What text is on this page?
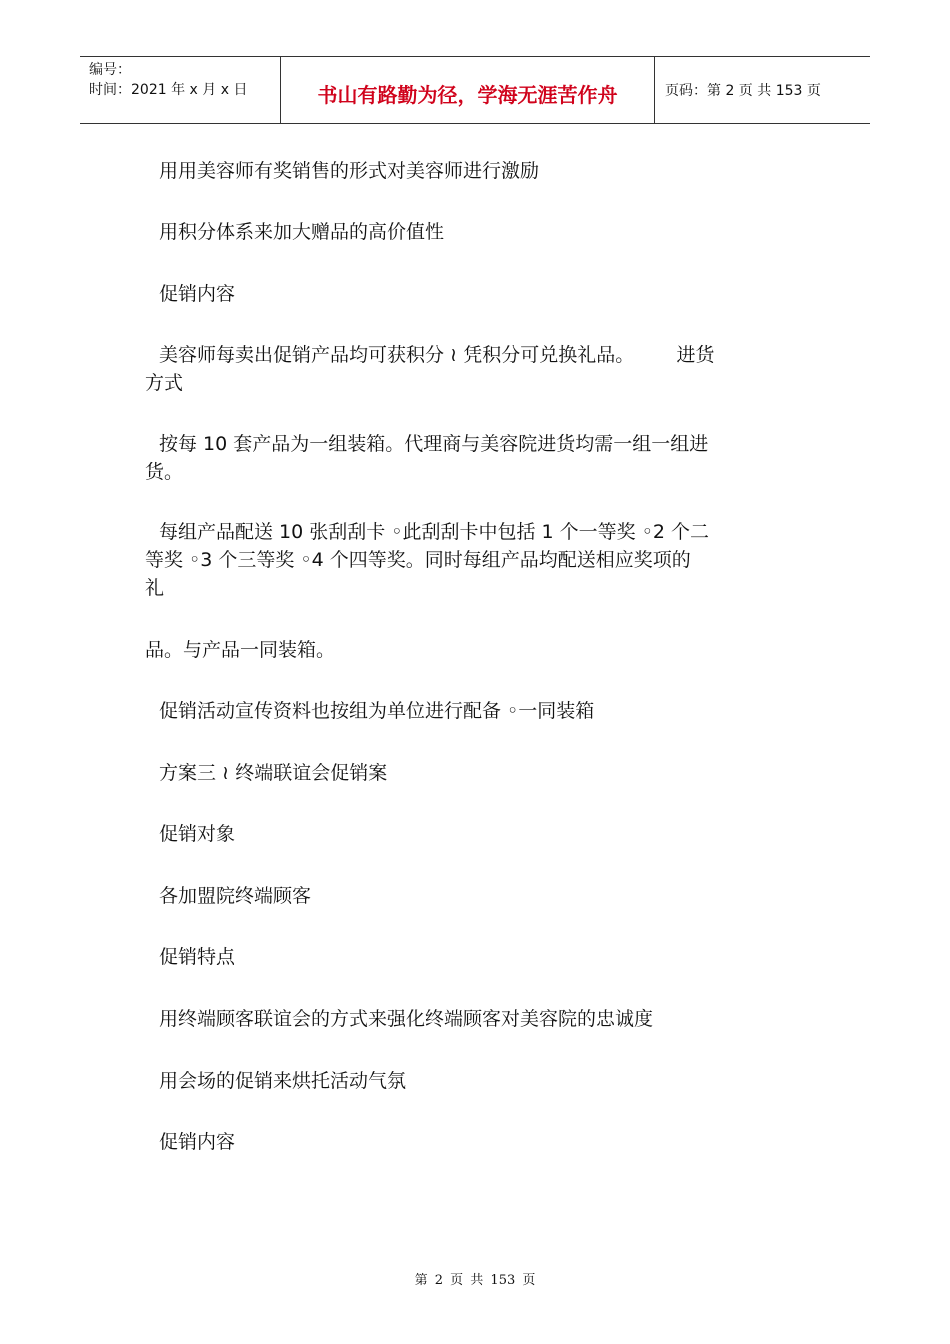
编号：
时间：2021 年 x 月 x 日	书山有路勤为径，学海无涯苦作舟	页码：第 2 页 共 153 页
用用美容师有奖销售的形式对美容师进行激励
用积分体系来加大赠品的高价值性
促销内容
美容师每卖出促销产品均可获积分 ≀ 凭积分可兑换礼品。       进货
方式
按每 10 套产品为一组装箱。代理商与美容院进货均需一组一组进
货。
每组产品配送 10 张刮刮卡 ◦此刮刮卡中包括 1 个一等奖 ◦2 个二
等奖 ◦3 个三等奖 ◦4 个四等奖。同时每组产品均配送相应奖项的
礼
品。与产品一同装箱。
促销活动宣传资料也按组为单位进行配备 ◦一同装箱
方案三 ≀ 终端联谊会促销案
促销对象
各加盟院终端顾客
促销特点
用终端顾客联谊会的方式来强化终端顾客对美容院的忠诚度
用会场的促销来烘托活动气氛
促销内容
第 2 页 共 153 页
